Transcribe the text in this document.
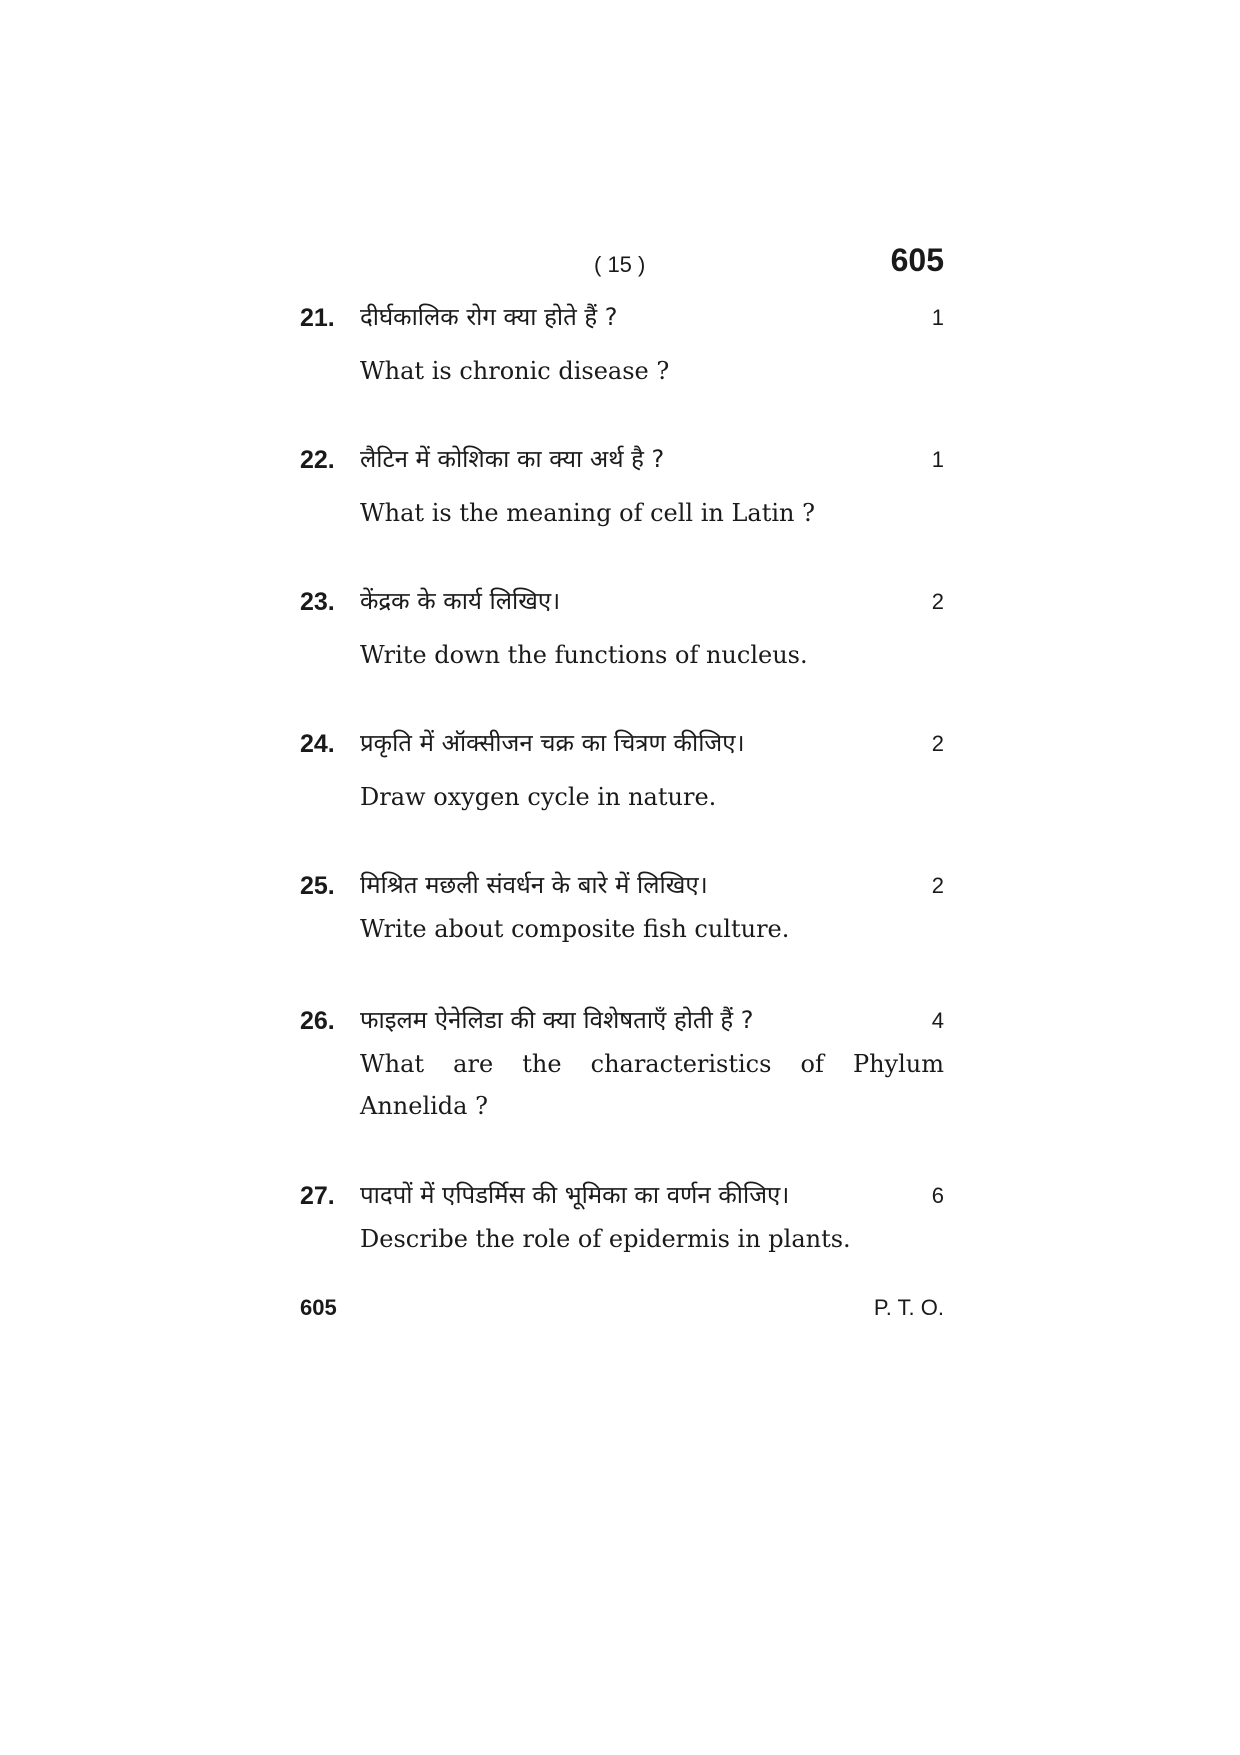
( 15 )	605
21. दीर्घकालिक रोग क्या होते हैं ?	1
What is chronic disease ?
22. लैटिन में कोशिका का क्या अर्थ है ?	1
What is the meaning of cell in Latin ?
23. केंद्रक के कार्य लिखिए।	2
Write down the functions of nucleus.
24. प्रकृति में ऑक्सीजन चक्र का चित्रण कीजिए।	2
Draw oxygen cycle in nature.
25. मिश्रित मछली संवर्धन के बारे में लिखिए।	2
Write about composite fish culture.
26. फाइलम ऐनेलिडा की क्या विशेषताएँ होती हैं ?	4
What are the characteristics of Phylum Annelida ?
27. पादपों में एपिडर्मिस की भूमिका का वर्णन कीजिए।	6
Describe the role of epidermis in plants.
605	P. T. O.
